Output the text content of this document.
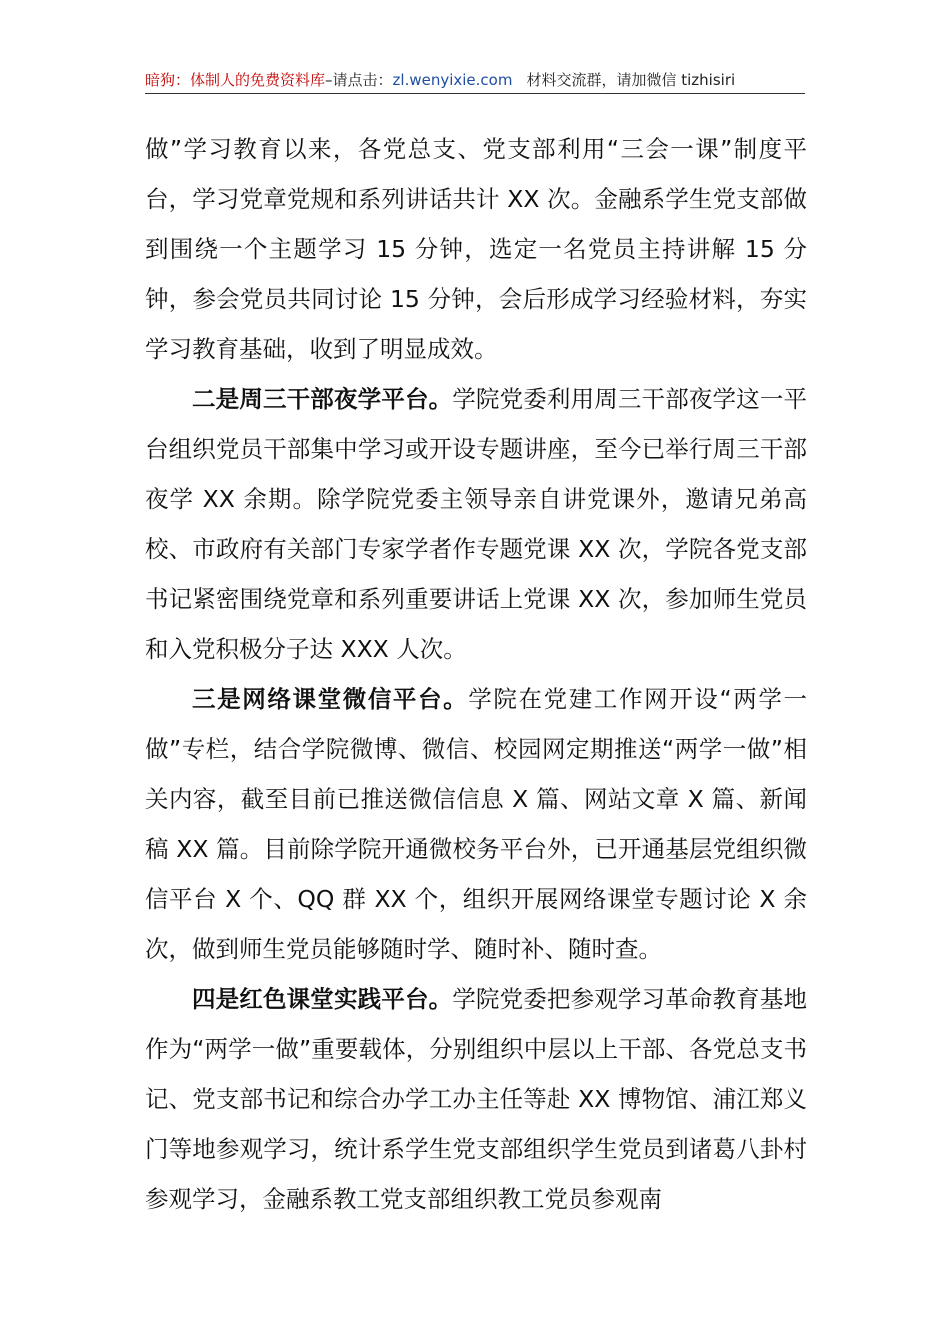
暗狗：体制人的免费资料库–请点击：zl.wenyixie.com 材料交流群，请加微信 tizhisiri

做”学习教育以来，各党总支、党支部利用“三会一课”制度平台，学习党章党规和系列讲话共计 XX 次。金融系学生党支部做到围绕一个主题学习 15 分钟，选定一名党员主持讲解 15 分钟，参会党员共同讨论 15 分钟，会后形成学习经验材料，夯实学习教育基础，收到了明显成效。

二是周三干部夜学平台。学院党委利用周三干部夜学这一平台组织党员干部集中学习或开设专题讲座，至今已举行周三干部夜学 XX 余期。除学院党委主领导亲自讲党课外，邀请兄弟高校、市政府有关部门专家学者作专题党课 XX 次，学院各党支部书记紧密围绕党章和系列重要讲话上党课 XX 次，参加师生党员和入党积极分子达 XXX 人次。

三是网络课堂微信平台。学院在党建工作网开设“两学一做”专栏，结合学院微博、微信、校园网定期推送“两学一做”相关内容，截至目前已推送微信信息 X 篇、网站文章 X 篇、新闻稿 XX 篇。目前除学院开通微校务平台外，已开通基层党组织微信平台 X 个、QQ 群 XX 个，组织开展网络课堂专题讨论 X 余次，做到师生党员能够随时学、随时补、随时查。

四是红色课堂实践平台。学院党委把参观学习革命教育基地作为“两学一做”重要载体，分别组织中层以上干部、各党总支书记、党支部书记和综合办学工办主任等赴 XX 博物馆、浦江郑义门等地参观学习，统计系学生党支部组织学生党员到诸葛八卦村参观学习，金融系教工党支部组织教工党员参观南
